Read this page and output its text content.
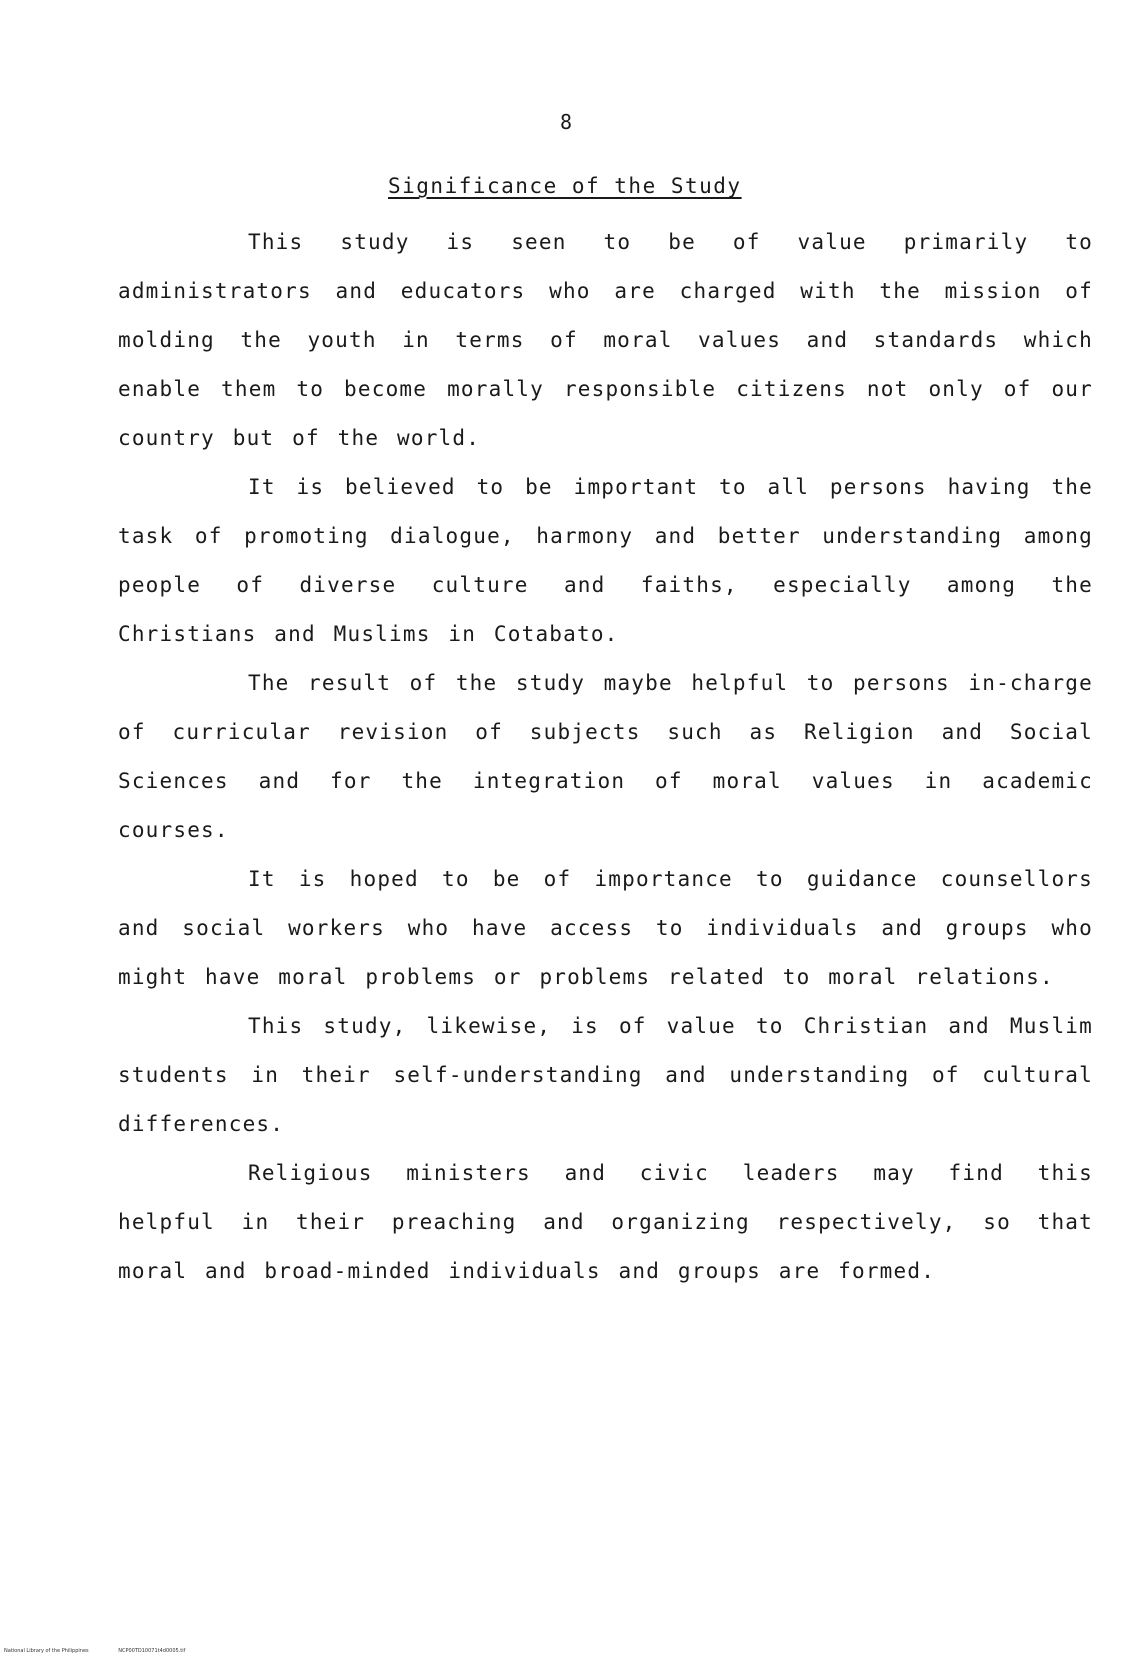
8
Significance of the Study

This study is seen to be of value primarily to administrators and educators who are charged with the mission of molding the youth in terms of moral values and standards which enable them to become morally responsible citizens not only of our country but of the world.

It is believed to be important to all persons having the task of promoting dialogue, harmony and better understanding among people of diverse culture and faiths, especially among the Christians and Muslims in Cotabato.

The result of the study maybe helpful to persons in-charge of curricular revision of subjects such as Religion and Social Sciences and for the integration of moral values in academic courses.

It is hoped to be of importance to guidance counsellors and social workers who have access to individuals and groups who might have moral problems or problems related to moral relations.

This study, likewise, is of value to Christian and Muslim students in their self-understanding and understanding of cultural differences.

Religious ministers and civic leaders may find this helpful in their preaching and organizing respectively, so that moral and broad-minded individuals and groups are formed.

National Library of the Philippines	NCP00TD10071t4d0005.tif
